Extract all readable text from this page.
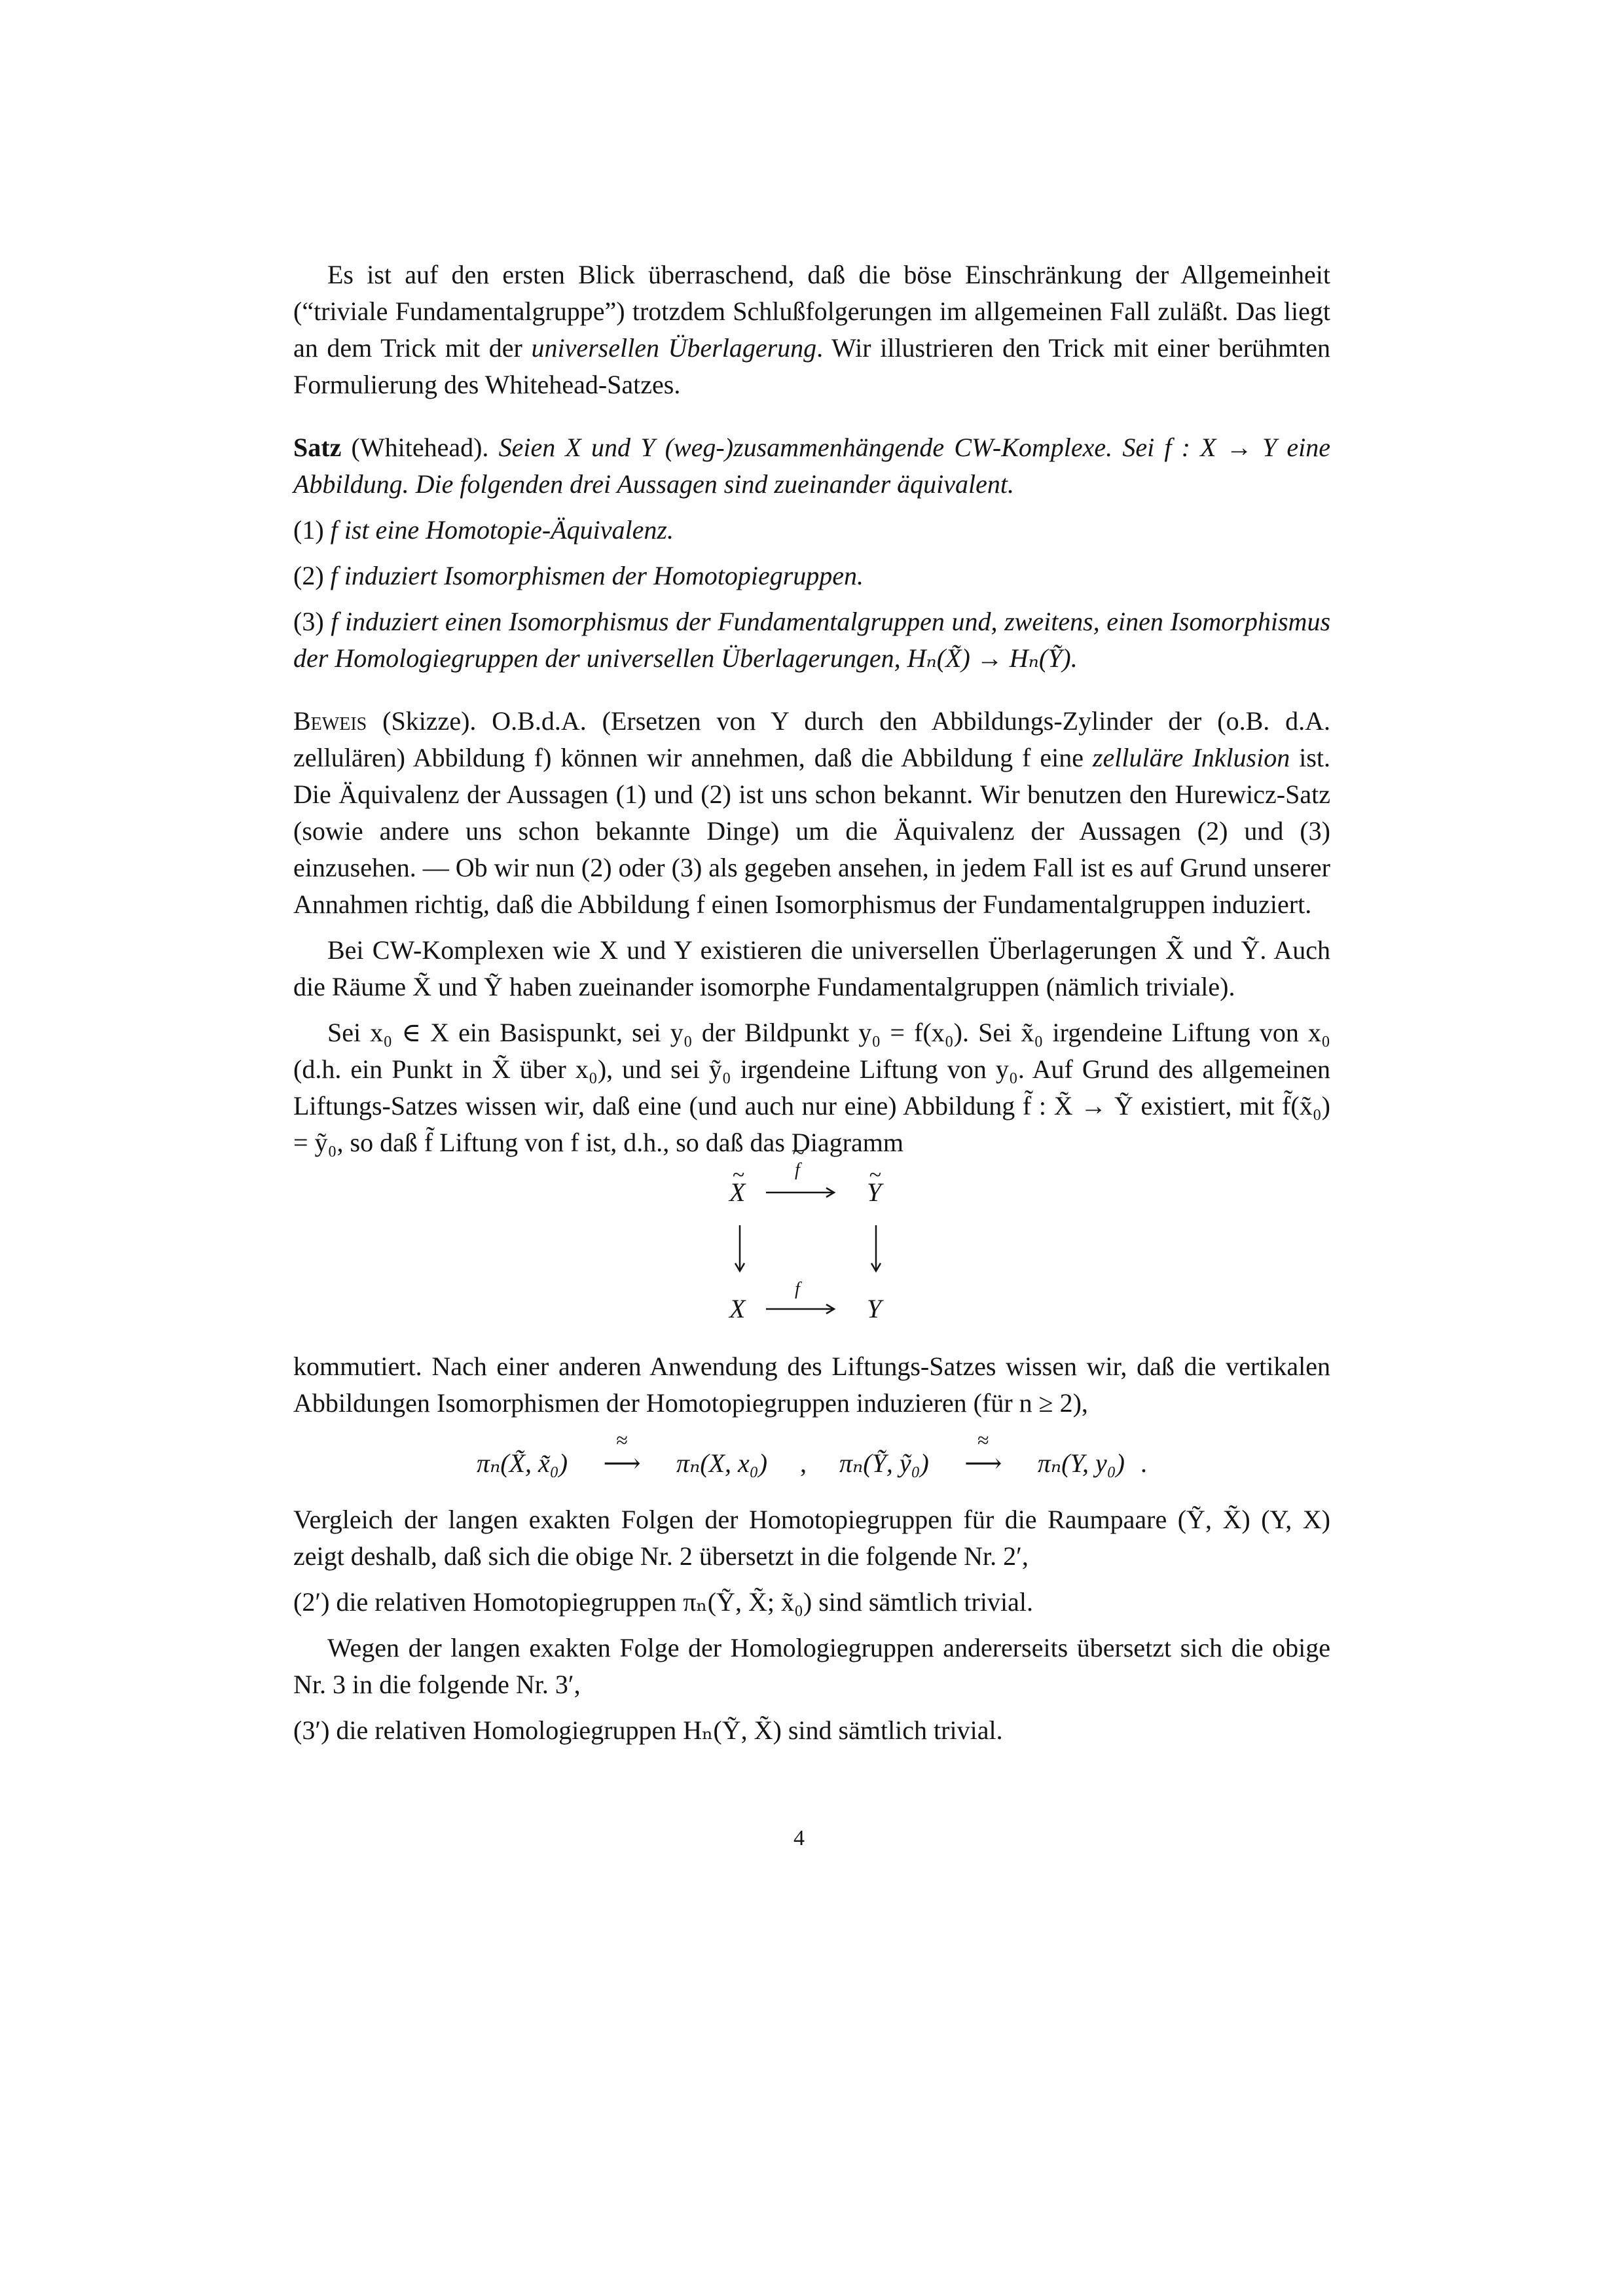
Es ist auf den ersten Blick überraschend, daß die böse Einschränkung der Allgemeinheit (“triviale Fundamentalgruppe”) trotzdem Schlußfolgerungen im allgemeinen Fall zuläßt. Das liegt an dem Trick mit der universellen Überlagerung. Wir illustrieren den Trick mit einer berühmten Formulierung des Whitehead-Satzes.

Satz (Whitehead). Seien X und Y (weg-)zusammenhängende CW-Komplexe. Sei f : X → Y eine Abbildung. Die folgenden drei Aussagen sind zueinander äquivalent.

(1) f ist eine Homotopie-Äquivalenz.

(2) f induziert Isomorphismen der Homotopiegruppen.

(3) f induziert einen Isomorphismus der Fundamentalgruppen und, zweitens, einen Isomorphismus der Homologiegruppen der universellen Überlagerungen, Hₙ(X̃) → Hₙ(Ỹ).

Beweis (Skizze). O.B.d.A. (Ersetzen von Y durch den Abbildungs-Zylinder der (o.B. d.A. zellulären) Abbildung f) können wir annehmen, daß die Abbildung f eine zelluläre Inklusion ist. Die Äquivalenz der Aussagen (1) und (2) ist uns schon bekannt. Wir benutzen den Hurewicz-Satz (sowie andere uns schon bekannte Dinge) um die Äquivalenz der Aussagen (2) und (3) einzusehen. — Ob wir nun (2) oder (3) als gegeben ansehen, in jedem Fall ist es auf Grund unserer Annahmen richtig, daß die Abbildung f einen Isomorphismus der Fundamentalgruppen induziert.

Bei CW-Komplexen wie X und Y existieren die universellen Überlagerungen X̃ und Ỹ. Auch die Räume X̃ und Ỹ haben zueinander isomorphe Fundamentalgruppen (nämlich triviale).

Sei x₀ ∈ X ein Basispunkt, sei y₀ der Bildpunkt y₀ = f(x₀). Sei x̃₀ irgendeine Liftung von x₀ (d.h. ein Punkt in X̃ über x₀), und sei ỹ₀ irgendeine Liftung von y₀. Auf Grund des allgemeinen Liftungs-Satzes wissen wir, daß eine (und auch nur eine) Abbildung f̃ : X̃ → Ỹ existiert, mit f̃(x̃₀) = ỹ₀, so daß f̃ Liftung von f ist, d.h., so daß das Diagramm

X ~	Y ~
f ~
X	Y
f

kommutiert. Nach einer anderen Anwendung des Liftungs-Satzes wissen wir, daß die vertikalen Abbildungen Isomorphismen der Homotopiegruppen induzieren (für n ≥ 2),

πₙ(X̃, x̃₀)
≈
⟶ πₙ(X, x₀) , πₙ(Ỹ, ỹ₀)
≈
⟶ πₙ(Y, y₀) .

Vergleich der langen exakten Folgen der Homotopiegruppen für die Raumpaare (Ỹ, X̃) (Y, X) zeigt deshalb, daß sich die obige Nr. 2 übersetzt in die folgende Nr. 2′,

(2′) die relativen Homotopiegruppen πₙ(Ỹ, X̃; x̃₀) sind sämtlich trivial.

Wegen der langen exakten Folge der Homologiegruppen andererseits übersetzt sich die obige Nr. 3 in die folgende Nr. 3′,

(3′) die relativen Homologiegruppen Hₙ(Ỹ, X̃) sind sämtlich trivial.

4
